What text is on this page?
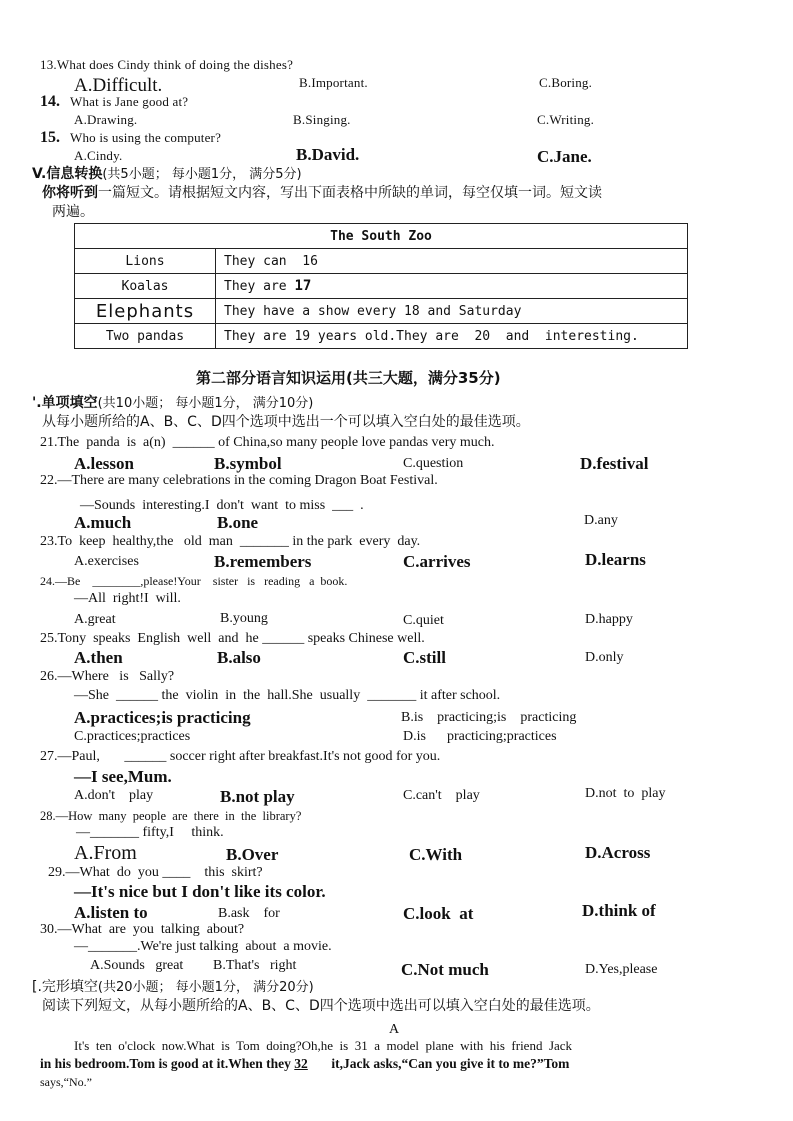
13.What does Cindy think of doing the dishes?
A.Difficult.	B.Important.	C.Boring.
14. What is Jane good at?
A.Drawing.	B.Singing.	C.Writing.
15. Who is using the computer?
A.Cindy.	B.David.	C.Jane.
V.信息转换(共5小题； 每小题1分， 满分5分)
你将听到一篇短文。请根据短文内容，写出下面表格中所缺的单词，每空仅填一词。短文读
两遍。
The South Zoo	
Lions	They can  16
Koalas	They are 17
Elephants	They have a show every 18 and Saturday
Two pandas	They are 19 years old.They are  20  and  interesting.
第二部分语言知识运用(共三大题，满分35分)
'.单项填空(共10小题； 每小题1分， 满分10分)
从每小题所给的A、B、C、D四个选项中选出一个可以填入空白处的最佳选项。
21.The  panda  is  a(n)  ______ of China,so many people love pandas very much.
A.lesson	B.symbol	C.question	D.festival
22.—There are many celebrations in the coming Dragon Boat Festival.
—Sounds  interesting.I  don't  want  to miss  ___  .
A.much	B.one	D.any
23.To  keep  healthy,the   old  man  _______ in the park  every  day.
A.exercises	B.remembers	C.arrives	D.learns
24.—Be    ________,please!Your    sister   is   reading   a  book.
—All  right!I  will.
A.great	B.young	C.quiet	D.happy
25.Tony  speaks  English  well  and  he ______ speaks Chinese well.
A.then	B.also	C.still	D.only
26.—Where   is   Sally?
—She  ______ the  violin  in  the  hall.She  usually  _______ it after school.
A.practices;is practicing	B.is    practicing;is    practicing
C.practices;practices	D.is      practicing;practices
27.—Paul,       ______ soccer right after breakfast.It's not good for you.
—I see,Mum.
A.don't    play	B.not play	C.can't    play	D.not  to  play
28.—How  many  people  are  there  in  the  library?
—_______ fifty,I     think.
A.From	B.Over	C.With	D.Across
29.—What  do  you ____    this  skirt?
—It's nice but I don't like its color.
A.listen to	B.ask    for	C.look  at	D.think of
30.—What  are  you  talking  about?
—_______.We're just talking  about  a movie.
A.Sounds   great B.That's   right	C.Not much	D.Yes,please
[.完形填空(共20小题； 每小题1分， 满分20分)
阅读下列短文，从每小题所给的A、B、C、D四个选项中选出可以填入空白处的最佳选项。
A
It's  ten  o'clock  now.What  is  Tom  doing?Oh,he  is  31  a  model  plane  with  his  friend  Jack
in his bedroom.Tom is good at it.When they 32       it,Jack asks,“Can you give it to me?”Tom
says,“No.”
